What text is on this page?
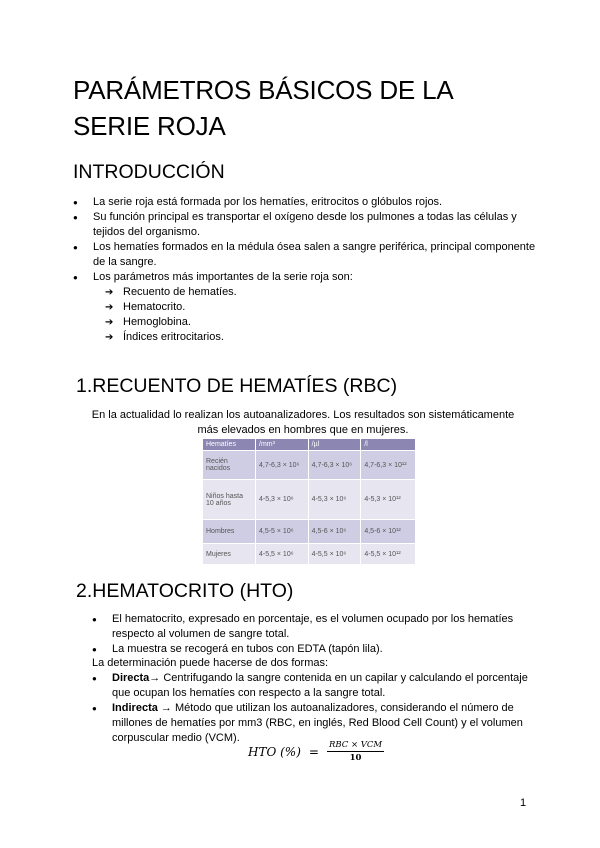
PARÁMETROS BÁSICOS DE LA
SERIE ROJA
INTRODUCCIÓN
● La serie roja está formada por los hematíes, eritrocitos o glóbulos rojos.
● Su función principal es transportar el oxígeno desde los pulmones a todas las células y tejidos del organismo.
● Los hematíes formados en la médula ósea salen a sangre periférica, principal componente de la sangre.
● Los parámetros más importantes de la serie roja son:
➔ Recuento de hematíes.
➔ Hematocrito.
➔ Hemoglobina.
➔ Índices eritrocitarios.
1.RECUENTO DE HEMATÍES (RBC)
En la actualidad lo realizan los autoanalizadores. Los resultados son sistemáticamente
más elevados en hombres que en mujeres.
Hematíes	/mm³	/µl	/l
Recién nacidos	4,7-6,3 × 10⁶	4,7-6,3 × 10⁶	4,7-6,3 × 10¹²
Niños hasta 10 años	4-5,3 × 10⁶	4-5,3 × 10⁶	4-5,3 × 10¹²
Hombres	4,5-5 × 10⁶	4,5-6 × 10⁶	4,5-6 × 10¹²
Mujeres	4-5,5 × 10⁶	4-5,5 × 10⁶	4-5,5 × 10¹²
2.HEMATOCRITO (HTO)
● El hematocrito, expresado en porcentaje, es el volumen ocupado por los hematíes respecto al volumen de sangre total.
● La muestra se recogerá en tubos con EDTA (tapón lila).
La determinación puede hacerse de dos formas:
● Directa→ Centrifugando la sangre contenida en un capilar y calculando el porcentaje que ocupan los hematíes con respecto a la sangre total.
● Indirecta → Método que utilizan los autoanalizadores, considerando el número de millones de hematíes por mm3 (RBC, en inglés, Red Blood Cell Count) y el volumen corpuscular medio (VCM).
HTO (%) = $\frac{\text{RBC × VCM}}{10}$
1
